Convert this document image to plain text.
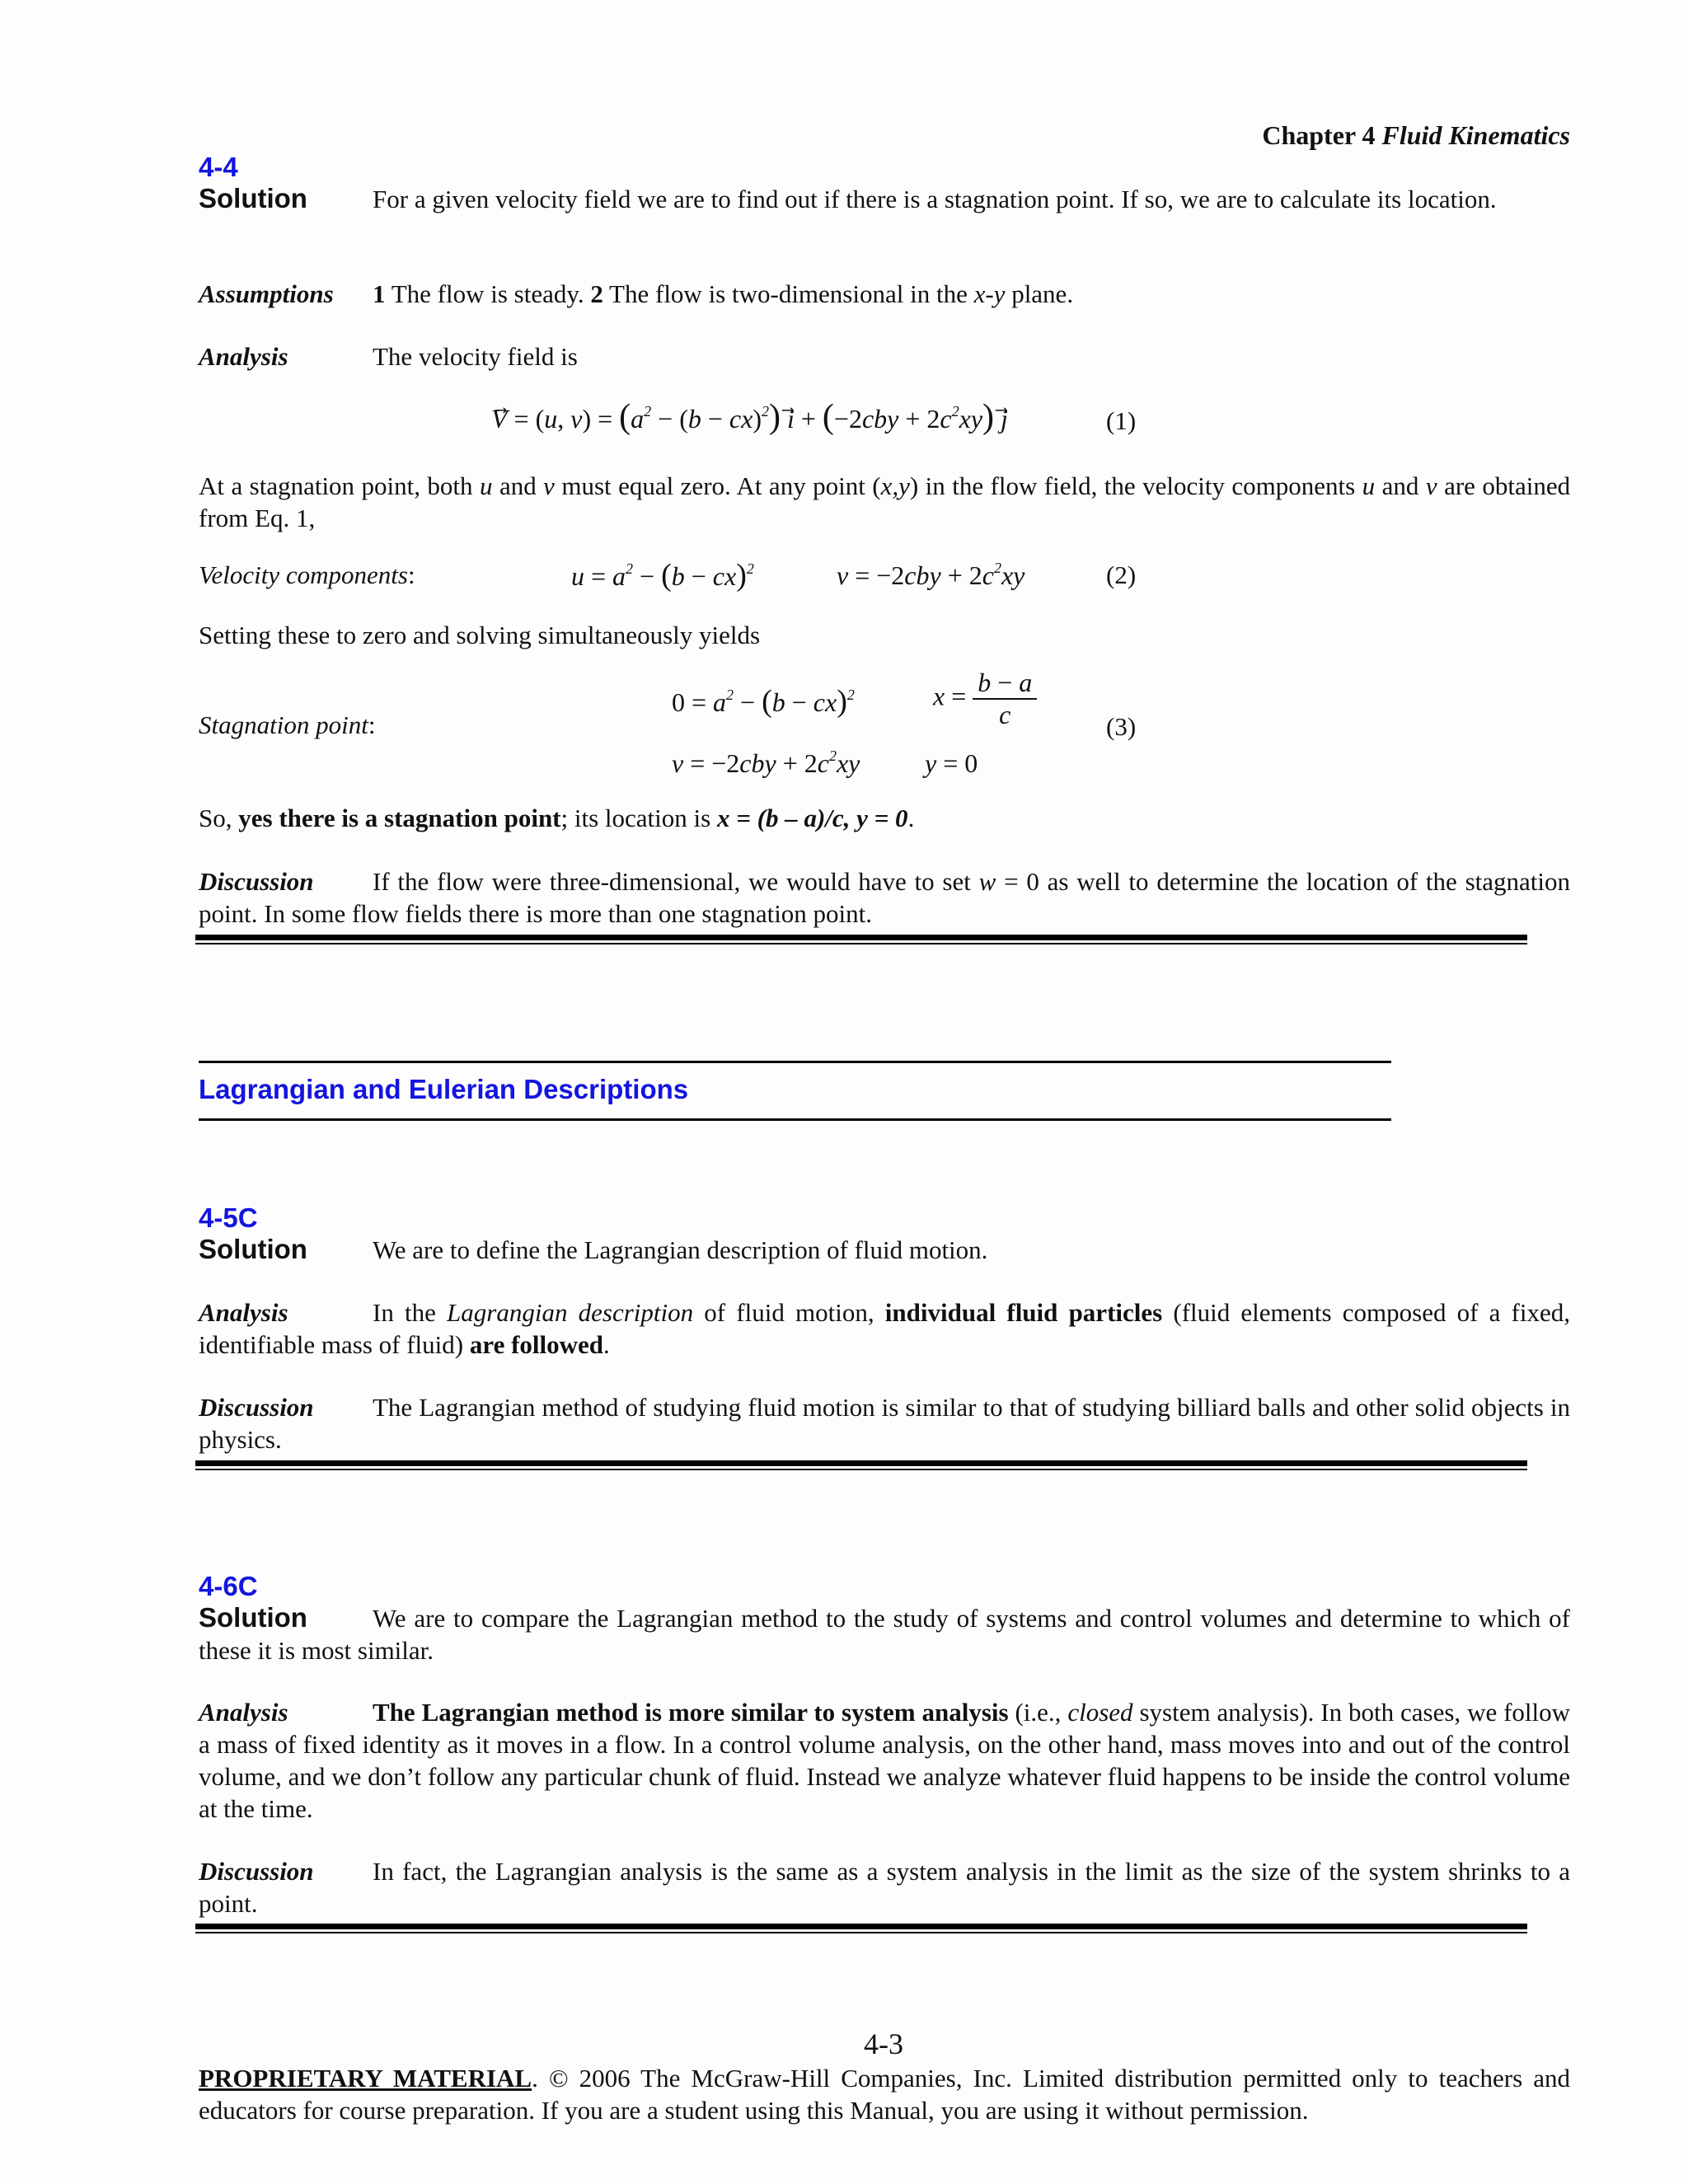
Chapter 4 Fluid Kinematics
4-4
Solution	For a given velocity field we are to find out if there is a stagnation point. If so, we are to calculate its location.
Assumptions 1 The flow is steady. 2 The flow is two-dimensional in the x-y plane.
Analysis	The velocity field is
V = (u, $v) = (a^2 - (b - cx)^2) i + (-2cby + 2c^2xy)$ j	(1)
At a stagnation point, both u and v must equal zero. At any point (x,y) in the flow field, the velocity components u and v are obtained from Eq. 1,
Velocity components:	$u = a^2 - (b - cx)^2$	$v = -2cby + 2c^2xy$	(2)
Setting these to zero and solving simultaneously yields
Stagnation point:
$0 = a^2 - (b - cx)^2$	$x = \frac{b - a}{c}$
$v = -2cby + 2c^2xy$ y = 0
(3)
So, yes there is a stagnation point; its location is x = (b – a)/c, y = 0.
Discussion If the flow were three-dimensional, we would have to set w = 0 as well to determine the location of the stagnation point. In some flow fields there is more than one stagnation point.
Lagrangian and Eulerian Descriptions
4-5C
Solution	We are to define the Lagrangian description of fluid motion.
Analysis	In the Lagrangian description of fluid motion, individual fluid particles (fluid elements composed of a fixed, identifiable mass of fluid) are followed.
Discussion The Lagrangian method of studying fluid motion is similar to that of studying billiard balls and other solid objects in physics.
4-6C
Solution	We are to compare the Lagrangian method to the study of systems and control volumes and determine to which of these it is most similar.
Analysis	The Lagrangian method is more similar to system analysis (i.e., closed system analysis). In both cases, we follow a mass of fixed identity as it moves in a flow. In a control volume analysis, on the other hand, mass moves into and out of the control volume, and we don’t follow any particular chunk of fluid. Instead we analyze whatever fluid happens to be inside the control volume at the time.
Discussion In fact, the Lagrangian analysis is the same as a system analysis in the limit as the size of the system shrinks to a point.
4-3
PROPRIETARY MATERIAL. © 2006 The McGraw-Hill Companies, Inc. Limited distribution permitted only to teachers and educators for course preparation. If you are a student using this Manual, you are using it without permission.
